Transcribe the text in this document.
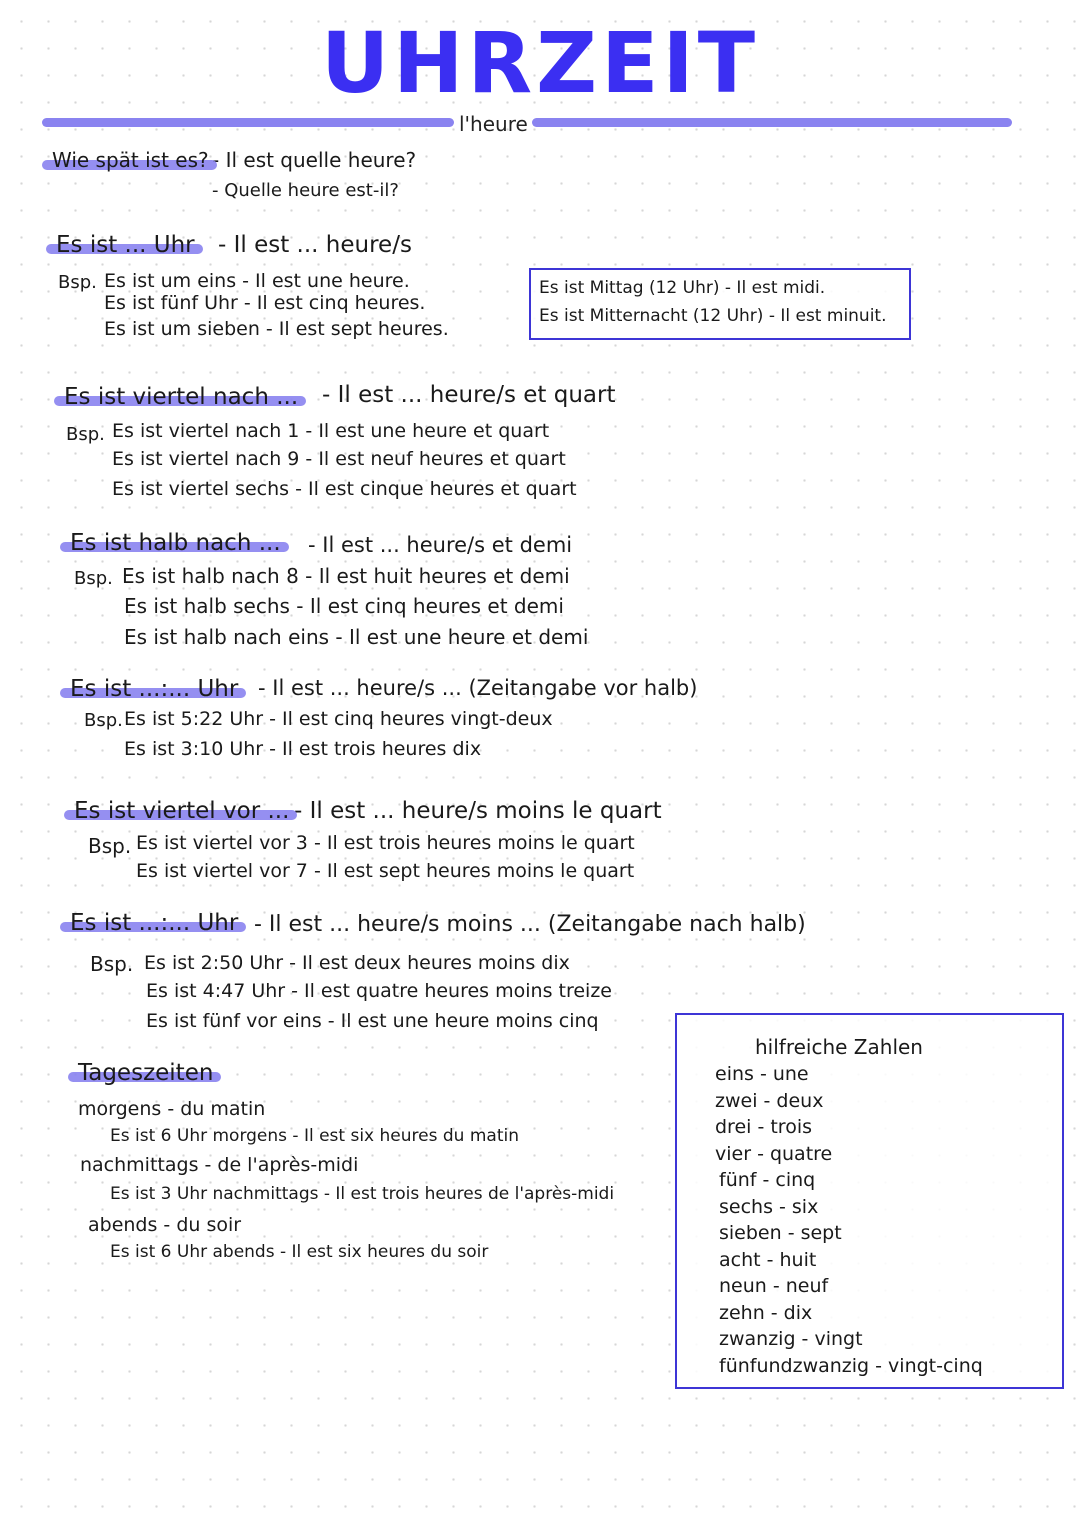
UHRZEIT
l'heure
Wie spät ist es? - Il est quelle heure?
- Quelle heure est-il?
Es ist ... Uhr - Il est ... heure/s
Bsp. Es ist um eins - Il est une heure.
Es ist fünf Uhr - Il est cinq heures.
Es ist um sieben - Il est sept heures.
Es ist Mittag (12 Uhr) - Il est midi.
Es ist Mitternacht (12 Uhr) - Il est minuit.
Es ist viertel nach ... - Il est ... heure/s et quart
Bsp. Es ist viertel nach 1 - Il est une heure et quart
Es ist viertel nach 9 - Il est neuf heures et quart
Es ist viertel sechs - Il est cinque heures et quart
Es ist halb nach ... - Il est ... heure/s et demi
Bsp. Es ist halb nach 8 - Il est huit heures et demi
Es ist halb sechs - Il est cinq heures et demi
Es ist halb nach eins - Il est une heure et demi
Es ist ...:... Uhr - Il est ... heure/s ... (Zeitangabe vor halb)
Bsp. Es ist 5:22 Uhr - Il est cinq heures vingt-deux
Es ist 3:10 Uhr - Il est trois heures dix
Es ist viertel vor ... - Il est ... heure/s moins le quart
Bsp. Es ist viertel vor 3 - Il est trois heures moins le quart
Es ist viertel vor 7 - Il est sept heures moins le quart
Es ist ...:... Uhr - Il est ... heure/s moins ... (Zeitangabe nach halb)
Bsp. Es ist 2:50 Uhr - Il est deux heures moins dix
Es ist 4:47 Uhr - Il est quatre heures moins treize
Es ist fünf vor eins - Il est une heure moins cinq
Tageszeiten
morgens - du matin
Es ist 6 Uhr morgens - Il est six heures du matin
nachmittags - de l'après-midi
Es ist 3 Uhr nachmittags - Il est trois heures de l'après-midi
abends - du soir
Es ist 6 Uhr abends - Il est six heures du soir
hilfreiche Zahlen
eins - une
zwei - deux
drei - trois
vier - quatre
fünf - cinq
sechs - six
sieben - sept
acht - huit
neun - neuf
zehn - dix
zwanzig - vingt
fünfundzwanzig - vingt-cinq
